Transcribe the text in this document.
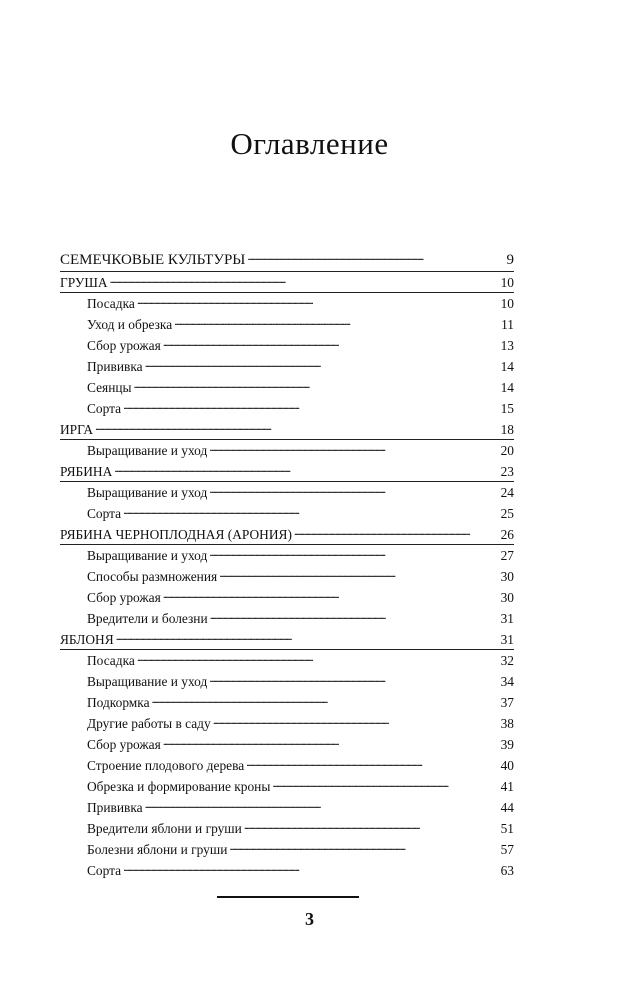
Оглавление
СЕМЕЧКОВЫЕ КУЛЬТУРЫ . . .	9
ГРУША . . .	10
Посадка . . .	10
Уход и обрезка . . .	11
Сбор урожая . . .	13
Прививка . . .	14
Сеянцы . . .	14
Сорта . . .	15
ИРГА . . .	18
Выращивание и уход . . .	20
РЯБИНА . . .	23
Выращивание и уход . . .	24
Сорта . . .	25
РЯБИНА ЧЕРНОПЛОДНАЯ (АРОНИЯ) . . .	26
Выращивание и уход . . .	27
Способы размножения . . .	30
Сбор урожая . . .	30
Вредители и болезни . . .	31
ЯБЛОНЯ . . .	31
Посадка . . .	32
Выращивание и уход . . .	34
Подкормка . . .	37
Другие работы в саду . . .	38
Сбор урожая . . .	39
Строение плодового дерева . . .	40
Обрезка и формирование кроны . . .	41
Прививка . . .	44
Вредители яблони и груши . . .	51
Болезни яблони и груши . . .	57
Сорта . . .	63
3
